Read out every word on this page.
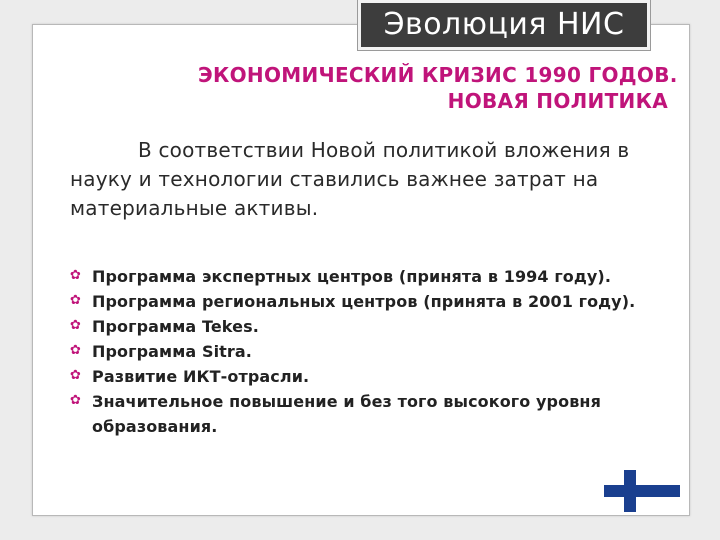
Эволюция НИС
ЭКОНОМИЧЕСКИЙ КРИЗИС 1990 ГОДОВ.
НОВАЯ ПОЛИТИКА
В соответствии Новой политикой вложения в науку и технологии ставились важнее затрат на материальные активы.
✿ Программа экспертных центров (принята в 1994 году).
✿ Программа региональных центров (принята в 2001 году).
✿ Программа Tekes.
✿ Программа Sitra.
✿ Развитие ИКТ-отрасли.
✿ Значительное повышение и без того высокого уровня образования.
